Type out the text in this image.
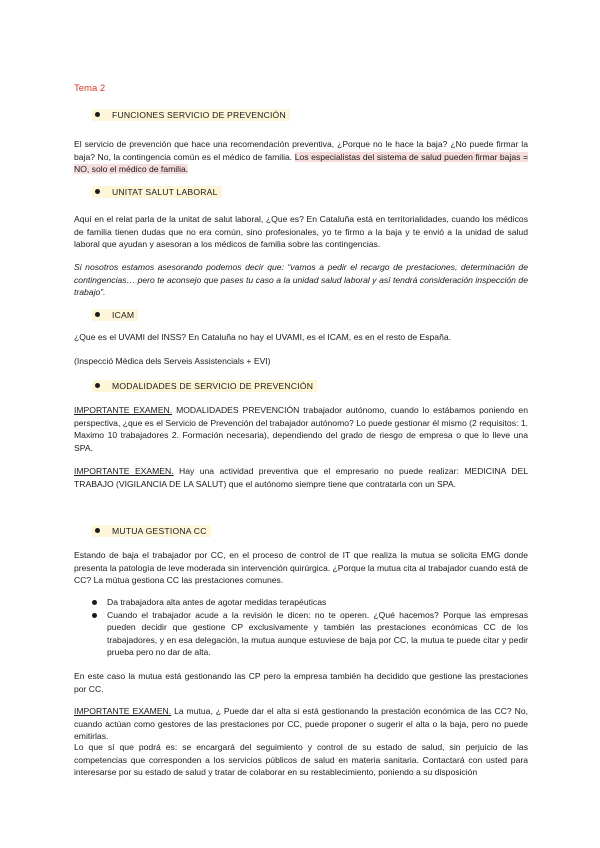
Tema 2

FUNCIONES SERVICIO DE PREVENCIÓN

El servicio de prevención que hace una recomendación preventiva, ¿Porque no le hace la baja? ¿No puede firmar la baja? No, la contingencia común es el médico de familia. Los especialistas del sistema de salud pueden firmar bajas = NO, solo el médico de familia.

UNITAT SALUT LABORAL

Aquí en el relat parla de la unitat de salut laboral, ¿Que es? En Cataluña está en territorialidades, cuando los médicos de familia tienen dudas que no era común, sino profesionales, yo te firmo a la baja y te envió a la unidad de salud laboral que ayudan y asesoran a los médicos de familia sobre las contingencias.

Si nosotros estamos asesorando podemos decir que: “vamos a pedir el recargo de prestaciones, determinación de contingencias… pero te aconsejo que pases tu caso a la unidad salud laboral y así tendrá consideración inspección de trabajo”.

ICAM

¿Que es el UVAMI del INSS? En Cataluña no hay el UVAMI, es el ICAM, es en el resto de España.

(Inspecció Mèdica dels Serveis Assistencials + EVI)

MODALIDADES DE SERVICIO DE PREVENCIÓN

IMPORTANTE EXAMEN. MODALIDADES PREVENCIÓN trabajador autónomo, cuando lo estábamos poniendo en perspectiva, ¿que es el Servicio de Prevención del trabajador autónomo? Lo puede gestionar él mismo (2 requisitos: 1. Maximo 10 trabajadores 2. Formación necesaria), dependiendo del grado de riesgo de empresa o que lo lleve una SPA.

IMPORTANTE EXAMEN. Hay una actividad preventiva que el empresario no puede realizar: MEDICINA DEL TRABAJO (VIGILANCIA DE LA SALUT) que el autónomo siempre tiene que contratarla con un SPA.

MUTUA GESTIONA CC

Estando de baja el trabajador por CC, en el proceso de control de IT que realiza la mutua se solicita EMG donde presenta la patología de leve moderada sin intervención quirúrgica. ¿Porque la mutua cita al trabajador cuando está de CC? La mútua gestiona CC las prestaciones comunes.

Da trabajadora alta antes de agotar medidas terapéuticas
Cuando el trabajador acude a la revisión le dicen: no te operen. ¿Qué hacemos? Porque las empresas pueden decidir que gestione CP exclusivamente y también las prestaciones económicas CC de los trabajadores, y en esa delegación, la mutua aunque estuviese de baja por CC, la mutua te puede citar y pedir prueba pero no dar de alta.

En este caso la mutua está gestionando las CP pero la empresa también ha decidido que gestione las prestaciones por CC.

IMPORTANTE EXAMEN. La mutua, ¿ Puede dar el alta si está gestionando la prestación económica de las CC? No, cuando actúan como gestores de las prestaciones por CC, puede proponer o sugerir el alta o la baja, pero no puede emitirlas.

Lo que sí que podrá es: se encargará del seguimiento y control de su estado de salud, sin perjuicio de las competencias que corresponden a los servicios públicos de salud en materia sanitaria. Contactará con usted para interesarse por su estado de salud y tratar de colaborar en su restablecimiento, poniendo a su disposición
